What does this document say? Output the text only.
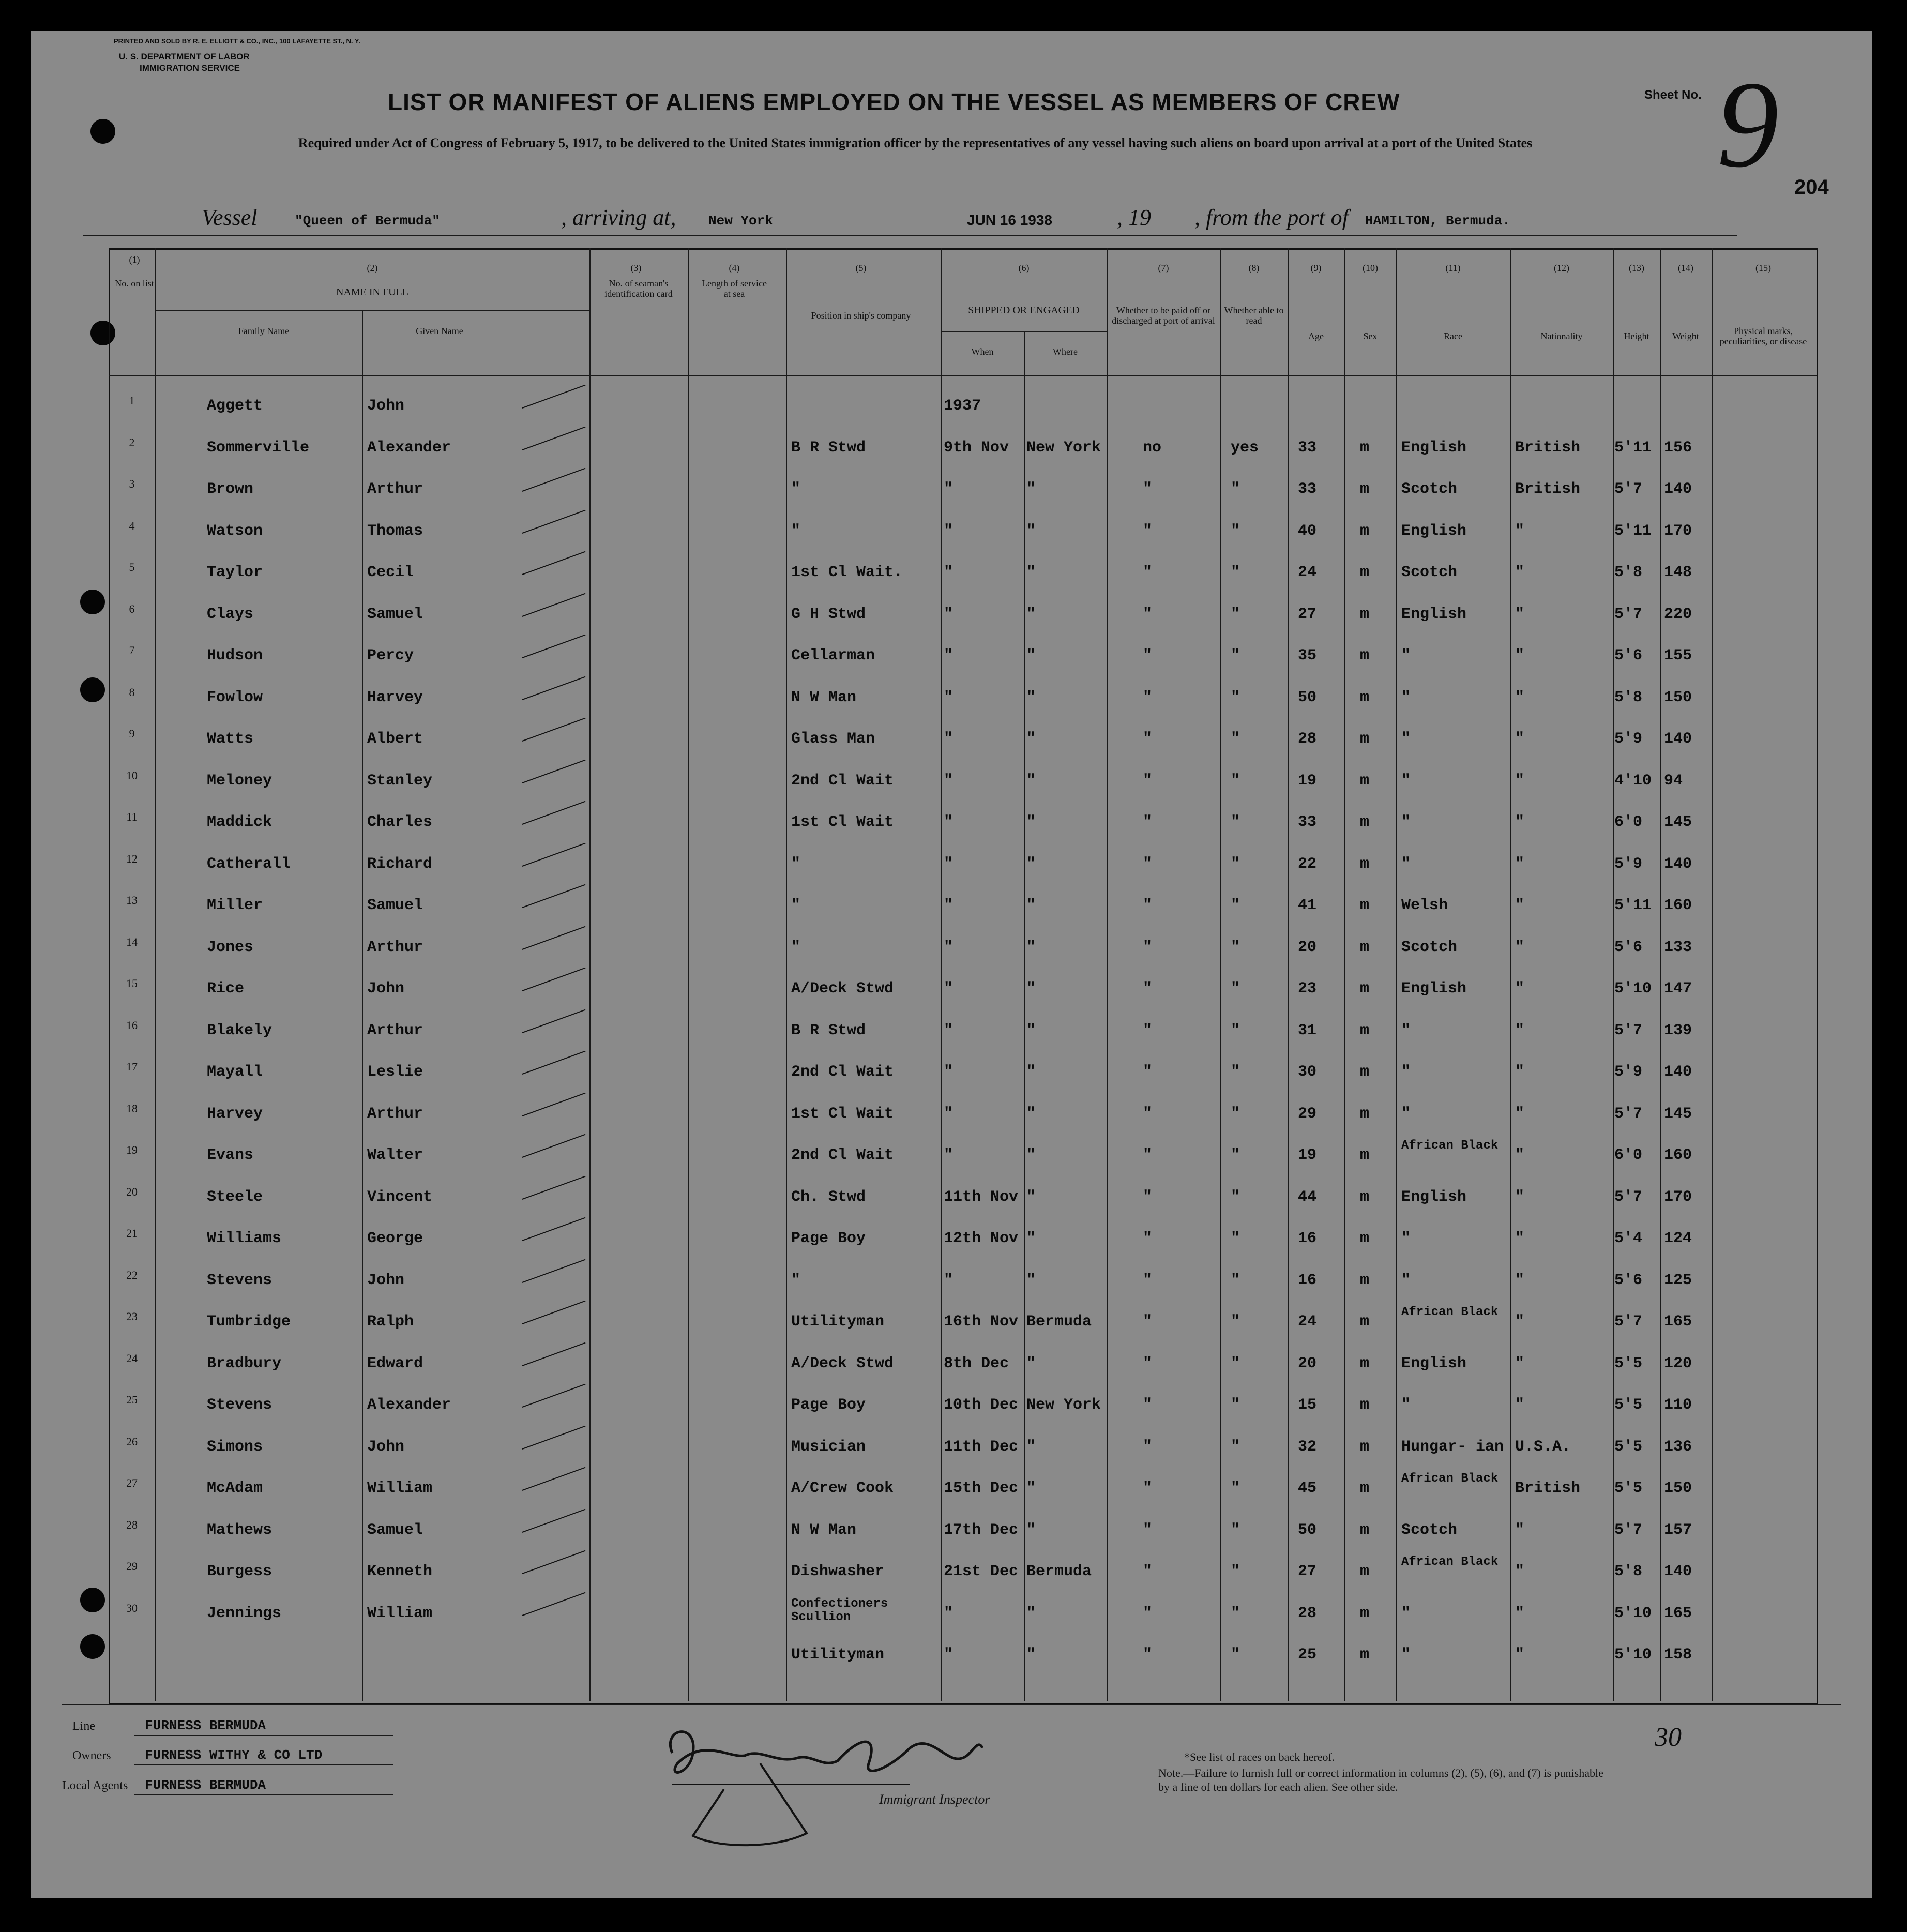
PRINTED AND SOLD BY R. E. ELLIOTT & CO., INC., 100 LAFAYETTE ST., N. Y.
U. S. DEPARTMENT OF LABOR
IMMIGRATION SERVICE
Sheet No. 9 204
LIST OR MANIFEST OF ALIENS EMPLOYED ON THE VESSEL AS MEMBERS OF CREW
Required under Act of Congress of February 5, 1917, to be delivered to the United States immigration officer by the representatives of any vessel having such aliens on board upon arrival at a port of the United States
Vessel	"Queen of Bermuda"	, arriving at, New York	JUN 16 1938	, 19 , from the port of HAMILTON, Bermuda.
(1)
No. on list
(2)
NAME IN FULL
Family Name	Given Name
(3)
No. of seaman's identification card
(4)
Length of service at sea
(5)
Position in ship's company
(6)
SHIPPED OR ENGAGED
When	Where
(7)
Whether to be paid off or discharged at port of arrival
(8)
Whether able to read
(9)
Age
(10)
Sex
(11)
Race
(12)
Nationality
(13)
Height
(14)
Weight
(15)
Physical marks, peculiarities, or disease
1	Aggett	John	1937
2	Sommerville	Alexander	B R Stwd	9th Nov New York	no	yes	33	m English	British 5'11 156
3	Brown	Arthur	"	"	"	"	"	33	m Scotch	British 5'7 140
4	Watson	Thomas	"	"	"	"	"	40	m English	"	5'11 170
5	Taylor	Cecil	1st Cl Wait.	"	"	"	"	24	m Scotch	"	5'8 148
6	Clays	Samuel	G H Stwd	"	"	"	"	27	m English	"	5'7 220
7	Hudson	Percy	Cellarman	"	"	"	"	35	m "	"	5'6 155
8	Fowlow	Harvey	N W Man	"	"	"	"	50	m "	"	5'8 150
9	Watts	Albert	Glass Man	"	"	"	"	28	m "	"	5'9 140
10	Meloney	Stanley	2nd Cl Wait	"	"	"	"	19	m "	"	4'10 94
11	Maddick	Charles	1st Cl Wait	"	"	"	"	33	m "	"	6'0 145
12	Catherall	Richard	"	"	"	"	"	22	m "	"	5'9 140
13	Miller	Samuel	"	"	"	"	"	41	m Welsh	"	5'11 160
14	Jones	Arthur	"	"	"	"	"	20	m Scotch	"	5'6 133
15	Rice	John	A/Deck Stwd	"	"	"	"	23	m English	"	5'10 147
16	Blakely	Arthur	B R Stwd	"	"	"	"	31	m "	"	5'7 139
17	Mayall	Leslie	2nd Cl Wait	"	"	"	"	30	m "	"	5'9 140
18	Harvey	Arthur	1st Cl Wait	"	"	"	"	29	m "	"	5'7 145
19	Evans	Walter	2nd Cl Wait	"	"	"	"	19	m
African Black
"	6'0 160
20	Steele	Vincent	Ch. Stwd	11th Nov "	"	"	44	m English	"	5'7 170
21	Williams	George	Page Boy	12th Nov "	"	"	16	m "	"	5'4 124
22	Stevens	John	"	"	"	"	"	16	m "	"	5'6 125
23	Tumbridge	Ralph	Utilityman	16th Nov Bermuda	"	"	24	m
African Black
"	5'7 165
24	Bradbury	Edward	A/Deck Stwd	8th Dec "	"	"	20	m English	"	5'5 120
25	Stevens	Alexander	Page Boy	10th Dec New York	"	"	15	m "	"	5'5 110
26	Simons	John	Musician	11th Dec "	"	"	32	m Hungar- ian U.S.A.	5'5 136
27	McAdam	William	A/Crew Cook	15th Dec "	"	"	45	m
African Black
British 5'5 150
28	Mathews	Samuel	N W Man	17th Dec "	"	"	50	m Scotch	"	5'7 157
29	Burgess	Kenneth	Dishwasher	21st Dec Bermuda	"	"	27	m
African Black
"	5'8 140
30	Jennings	William
Confectioners Scullion	"	"	"	"	28	m "	"	5'10 165
Utilityman	"	"	"	"	25	m "	"	5'10 158
Line	FURNESS BERMUDA
Owners	FURNESS WITHY & CO LTD
Local Agents FURNESS BERMUDA
Immigrant Inspector
*See list of races on back hereof.
Note.—Failure to furnish full or correct information in columns (2), (5), (6), and (7) is punishable by a fine of ten dollars for each alien. See other side.
30
